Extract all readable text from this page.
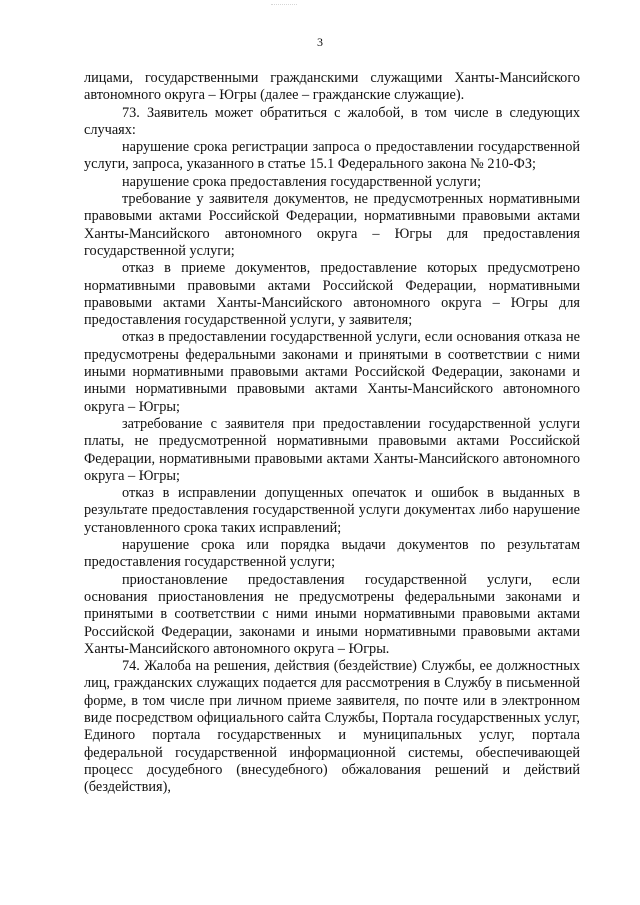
3

лицами, государственными гражданскими служащими Ханты-Мансийского автономного округа – Югры (далее – гражданские служащие).

73. Заявитель может обратиться с жалобой, в том числе в следующих случаях:

нарушение срока регистрации запроса о предоставлении государственной услуги, запроса, указанного в статье 15.1 Федерального закона № 210-ФЗ;

нарушение срока предоставления государственной услуги;

требование у заявителя документов, не предусмотренных нормативными правовыми актами Российской Федерации, нормативными правовыми актами Ханты-Мансийского автономного округа – Югры для предоставления государственной услуги;

отказ в приеме документов, предоставление которых предусмотрено нормативными правовыми актами Российской Федерации, нормативными правовыми актами Ханты-Мансийского автономного округа – Югры для предоставления государственной услуги, у заявителя;

отказ в предоставлении государственной услуги, если основания отказа не предусмотрены федеральными законами и принятыми в соответствии с ними иными нормативными правовыми актами Российской Федерации, законами и иными нормативными правовыми актами Ханты-Мансийского автономного округа – Югры;

затребование с заявителя при предоставлении государственной услуги платы, не предусмотренной нормативными правовыми актами Российской Федерации, нормативными правовыми актами Ханты-Мансийского автономного округа – Югры;

отказ в исправлении допущенных опечаток и ошибок в выданных в результате предоставления государственной услуги документах либо нарушение установленного срока таких исправлений;

нарушение срока или порядка выдачи документов по результатам предоставления государственной услуги;

приостановление предоставления государственной услуги, если основания приостановления не предусмотрены федеральными законами и принятыми в соответствии с ними иными нормативными правовыми актами Российской Федерации, законами и иными нормативными правовыми актами Ханты-Мансийского автономного округа – Югры.

74. Жалоба на решения, действия (бездействие) Службы, ее должностных лиц, гражданских служащих подается для рассмотрения в Службу в письменной форме, в том числе при личном приеме заявителя, по почте или в электронном виде посредством официального сайта Службы, Портала государственных услуг, Единого портала государственных и муниципальных услуг, портала федеральной государственной информационной системы, обеспечивающей процесс досудебного (внесудебного) обжалования решений и действий (бездействия),
